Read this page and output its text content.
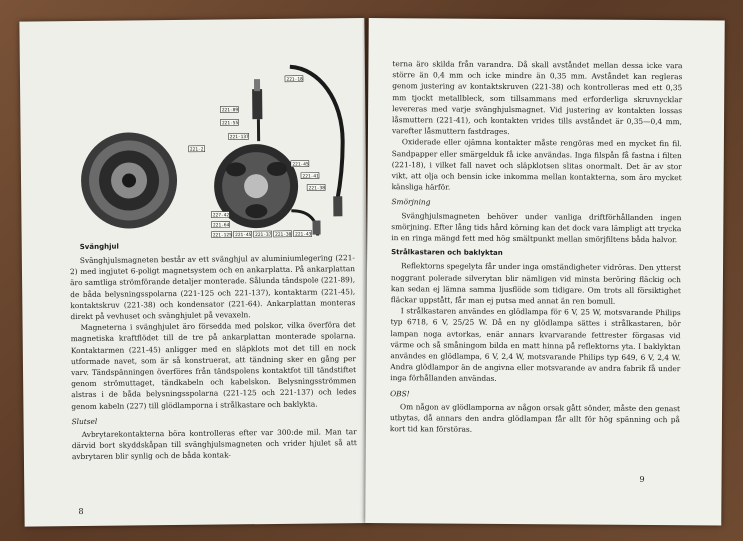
221-18
221-89
221-55
221-2
221-137
221-45
221-41
221-38
227-42
221-64
221-125 221-45 221-37 221-38 221-43
Svänghjul

Svänghjulsmagneten består av ett svänghjul av aluminiumlegering (221-2) med ingjutet 6-poligt magnetsystem och en ankarplatta. På ankarplattan äro samtliga strömförande detaljer monterade. Sålunda tändspole (221-89), de båda belysningsspolarna (221-125 och 221-137), kontaktarm (221-45), kontaktskruv (221-38) och kondensator (221-64). Ankarplattan monteras direkt på vevhuset och svänghjulet på vevaxeln.

Magneterna i svänghjulet äro försedda med polskor, vilka överföra det magnetiska kraftflödet till de tre på ankarplattan monterade spolarna. Kontaktarmen (221-45) anligger med en släpklots mot det till en nock utformade navet, som är så konstruerat, att tändning sker en gång per varv. Tändspänningen överföres från tändspolens kontaktfot till tändstiftet genom strömuttaget, tändkabeln och kabelskon. Belysningsströmmen alstras i de båda belysningsspolarna (221-125 och 221-137) och ledes genom kabeln (227) till glödlamporna i strålkastare och baklykta.

Slutsel

Avbrytarekontakterna böra kontrolleras efter var 300:de mil. Man tar därvid bort skyddskåpan till svänghjulsmagneten och vrider hjulet så att avbrytaren blir synlig och de båda kontak-

8

terna äro skilda från varandra. Då skall avståndet mellan dessa icke vara större än 0,4 mm och icke mindre än 0,35 mm. Avståndet kan regleras genom justering av kontaktskruven (221-38) och kontrolleras med ett 0,35 mm tjockt metallbleck, som tillsammans med erforderliga skruvnycklar levereras med varje svänghjulsmagnet. Vid justering av kontakten lossas låsmuttern (221-41), och kontakten vrides tills avståndet är 0,35—0,4 mm, varefter låsmuttern fastdrages.

Oxiderade eller ojämna kontakter måste rengöras med en mycket fin fil. Sandpapper eller smärgelduk få icke användas. Inga filspån få fastna i filten (221-18), i vilket fall navet och släpklotsen slitas onormalt. Det är av stor vikt, att olja och bensin icke inkomma mellan kontakterna, som äro mycket känsliga härför.

Smörjning

Svänghjulsmagneten behöver under vanliga driftförhållanden ingen smörjning. Efter lång tids hård körning kan det dock vara lämpligt att trycka in en ringa mängd fett med hög smältpunkt mellan smörjfiltens båda halvor.

Strålkastaren och baklyktan

Reflektorns spegelyta får under inga omständigheter vidröras. Den ytterst noggrant polerade silverytan blir nämligen vid minsta beröring fläckig och kan sedan ej lämna samma ljusflöde som tidigare. Om trots all försiktighet fläckar uppstått, får man ej putsa med annat än ren bomull.

I strålkastaren användes en glödlampa för 6 V, 25 W, motsvarande Philips typ 6718, 6 V, 25/25 W. Då en ny glödlampa sättes i strålkastaren, bör lampan noga avtorkas, enär annars kvarvarande fettrester förgasas vid värme och så småningom bilda en matt hinna på reflektorns yta. I baklyktan användes en glödlampa, 6 V, 2,4 W, motsvarande Philips typ 649, 6 V, 2,4 W. Andra glödlampor än de angivna eller motsvarande av andra fabrik få under inga förhållanden användas.

OBS!

Om någon av glödlamporna av någon orsak gått sönder, måste den genast utbytas, då annars den andra glödlampan får allt för hög spänning och på kort tid kan förstöras.

9
